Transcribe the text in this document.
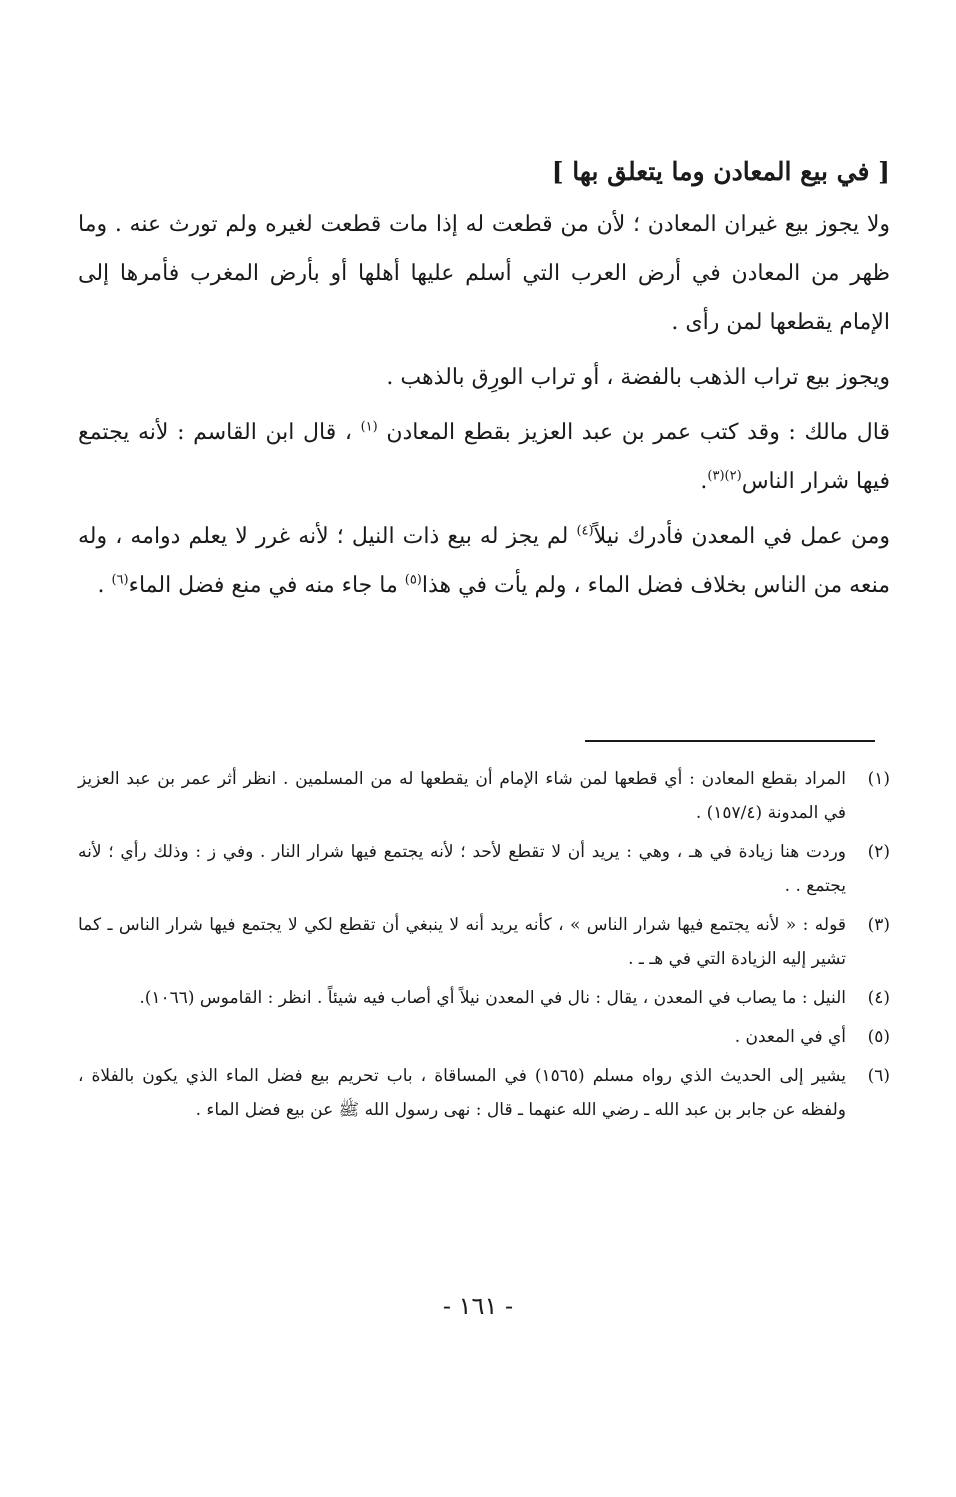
[ في بيع المعادن وما يتعلق بها ]

ولا يجوز بيع غيران المعادن ؛ لأن من قطعت له إذا مات قطعت لغيره ولم تورث عنه . وما ظهر من المعادن في أرض العرب التي أسلم عليها أهلها أو بأرض المغرب فأمرها إلى الإمام يقطعها لمن رأى .

ويجوز بيع تراب الذهب بالفضة ، أو تراب الورِق بالذهب .

قال مالك : وقد كتب عمر بن عبد العزيز بقطع المعادن $^{(١)}$ ، قال ابن القاسم : لأنه يجتمع فيها شرار الناس$^{(٢)(٣)}$.

ومن عمل في المعدن فأدرك نيلاً$^{(٤)}$ لم يجز له بيع ذات النيل ؛ لأنه غرر لا يعلم دوامه ، وله منعه من الناس بخلاف فضل الماء ، ولم يأت في هذا$^{(٥)}$ ما جاء منه في منع فضل الماء$^{(٦)}$ .

(١)
المراد بقطع المعادن : أي قطعها لمن شاء الإمام أن يقطعها له من المسلمين . انظر أثر عمر بن عبد العزيز في المدونة (١٥٧/٤) .
(٢)
وردت هنا زيادة في هـ ، وهي : يريد أن لا تقطع لأحد ؛ لأنه يجتمع فيها شرار النار . وفي ز : وذلك رأي ؛ لأنه يجتمع . .
(٣)
قوله : « لأنه يجتمع فيها شرار الناس » ، كأنه يريد أنه لا ينبغي أن تقطع لكي لا يجتمع فيها شرار الناس ـ كما تشير إليه الزيادة التي في هـ ـ .
(٤)
النيل : ما يصاب في المعدن ، يقال : نال في المعدن نيلاً أي أصاب فيه شيئاً . انظر : القاموس (١٠٦٦).
(٥)
أي في المعدن .
(٦)
يشير إلى الحديث الذي رواه مسلم (١٥٦٥) في المساقاة ، باب تحريم بيع فضل الماء الذي يكون بالفلاة ، ولفظه عن جابر بن عبد الله ـ رضي الله عنهما ـ قال : نهى رسول الله ﷺ عن بيع فضل الماء .
- ١٦١ -
